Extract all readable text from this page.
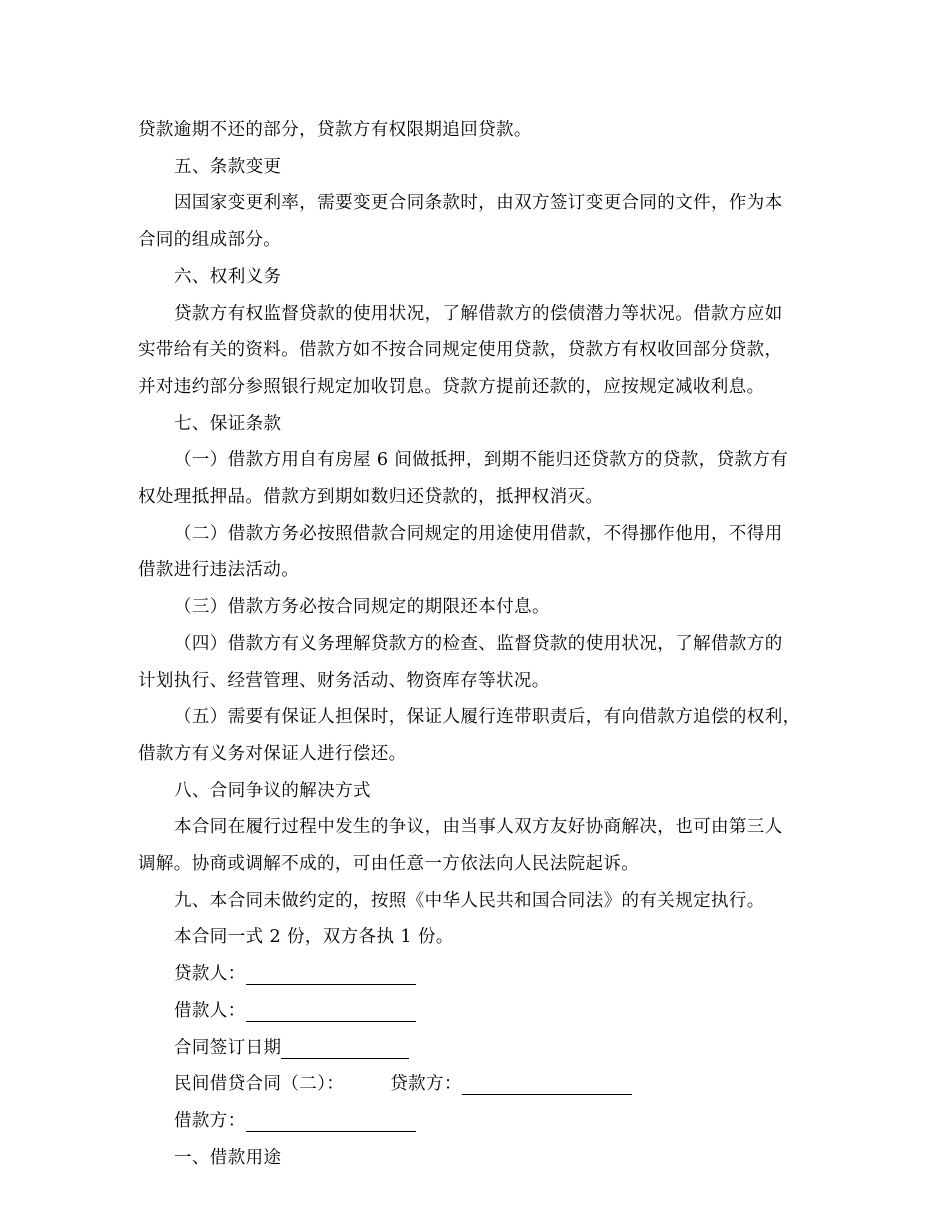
贷款逾期不还的部分，贷款方有权限期追回贷款。

五、条款变更

因国家变更利率，需要变更合同条款时，由双方签订变更合同的文件，作为本

合同的组成部分。

六、权利义务

贷款方有权监督贷款的使用状况，了解借款方的偿债潜力等状况。借款方应如

实带给有关的资料。借款方如不按合同规定使用贷款，贷款方有权收回部分贷款，

并对违约部分参照银行规定加收罚息。贷款方提前还款的，应按规定减收利息。

七、保证条款

（一）借款方用自有房屋 6 间做抵押，到期不能归还贷款方的贷款，贷款方有

权处理抵押品。借款方到期如数归还贷款的，抵押权消灭。

（二）借款方务必按照借款合同规定的用途使用借款，不得挪作他用，不得用

借款进行违法活动。

（三）借款方务必按合同规定的期限还本付息。

（四）借款方有义务理解贷款方的检查、监督贷款的使用状况，了解借款方的

计划执行、经营管理、财务活动、物资库存等状况。

（五）需要有保证人担保时，保证人履行连带职责后，有向借款方追偿的权利，

借款方有义务对保证人进行偿还。

八、合同争议的解决方式

本合同在履行过程中发生的争议，由当事人双方友好协商解决，也可由第三人

调解。协商或调解不成的，可由任意一方依法向人民法院起诉。

九、本合同未做约定的，按照《中华人民共和国合同法》的有关规定执行。

本合同一式 2 份，双方各执 1 份。

贷款人：

借款人：

合同签订日期

民间借贷合同（二）：	贷款方：

借款方：

一、借款用途
